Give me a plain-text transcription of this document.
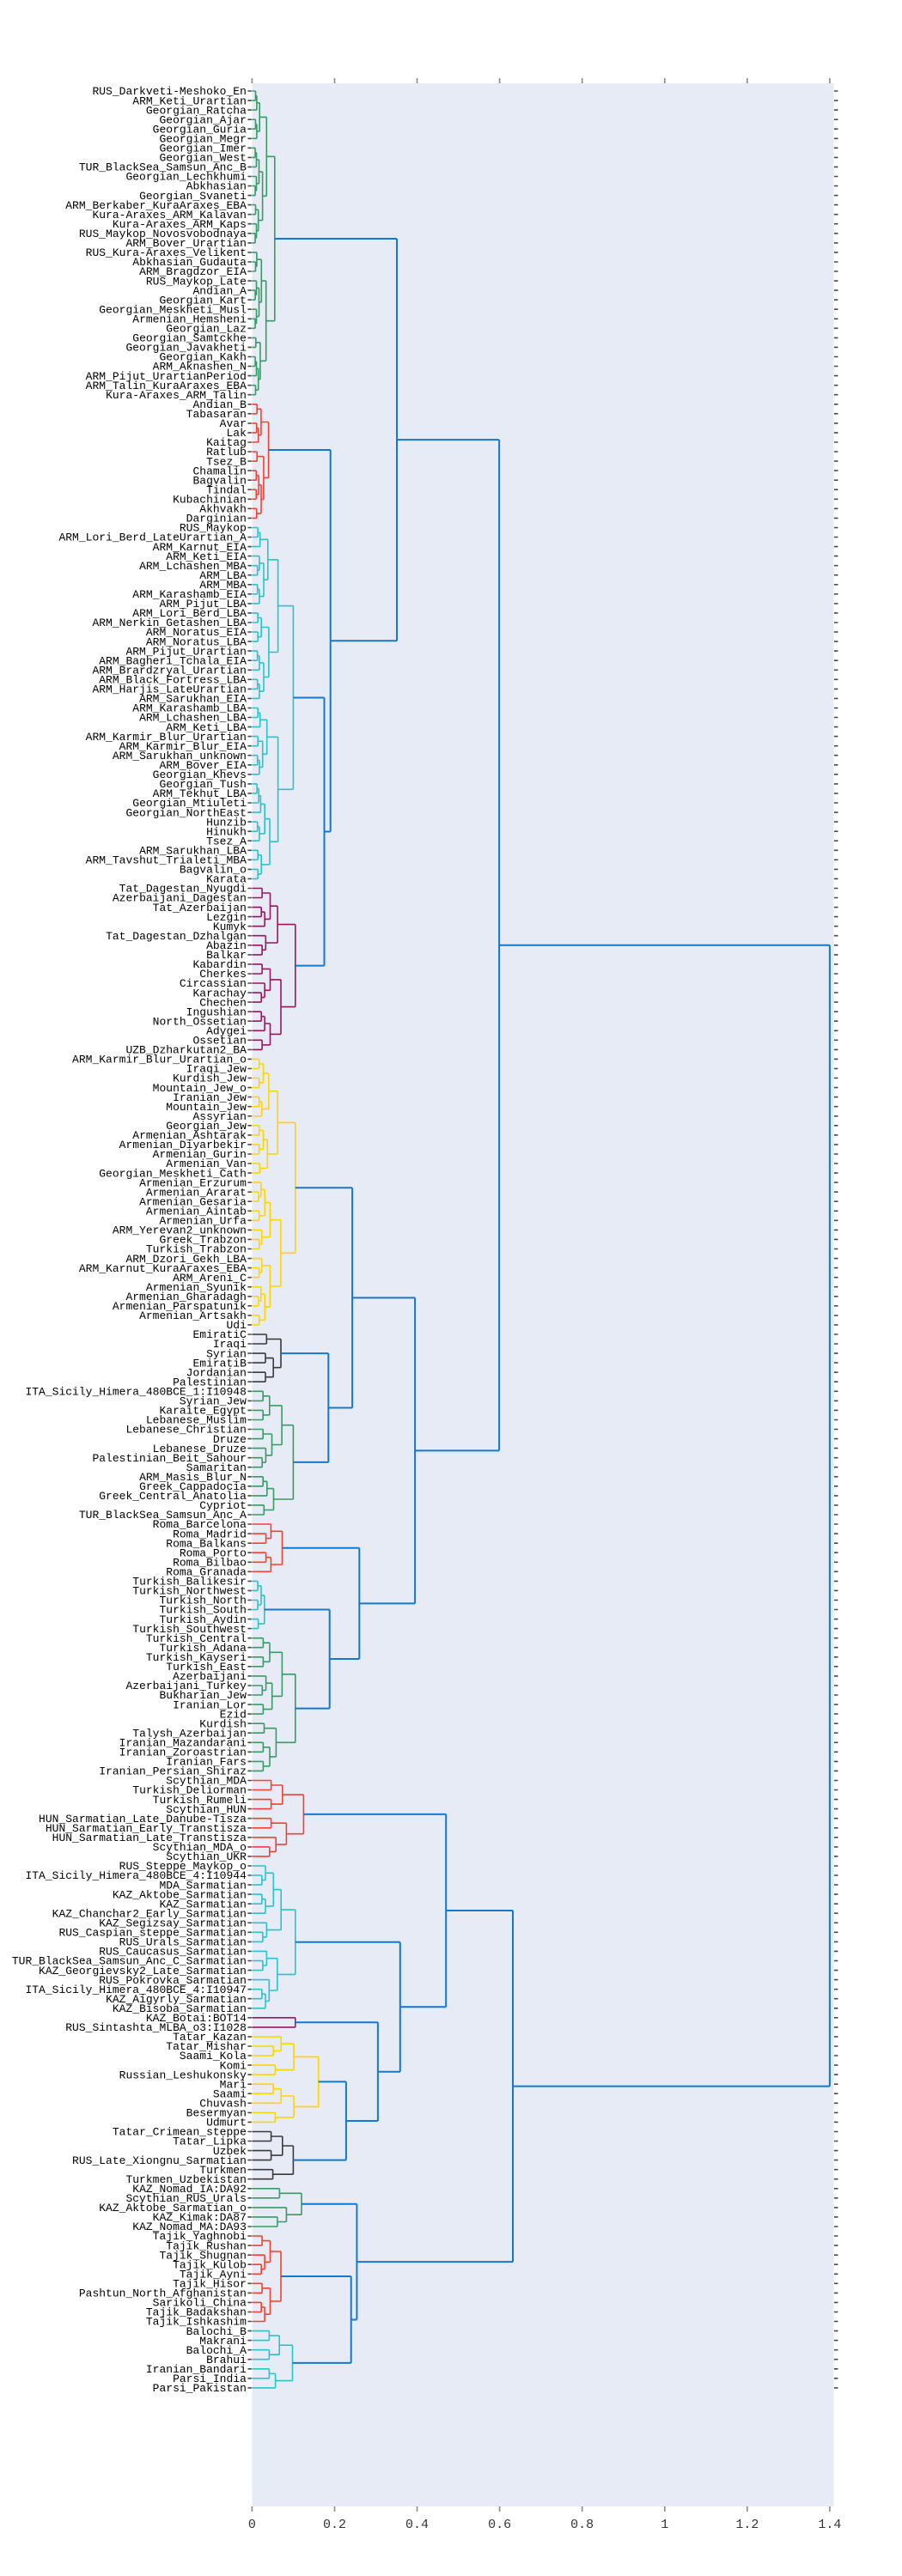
RUS_Darkveti-Meshoko_En
ARM_Keti_Urartian
Georgian_Ratcha
Georgian_Ajar
Georgian_Guria
Georgian_Megr
Georgian_Imer
Georgian_West
TUR_BlackSea_Samsun_Anc_B
Georgian_Lechkhumi
Abkhasian
Georgian_Svaneti
ARM_Berkaber_KuraAraxes_EBA
Kura-Araxes_ARM_Kalavan
Kura-Araxes_ARM_Kaps
RUS_Maykop_Novosvobodnaya
ARM_Bover_Urartian
RUS_Kura-Araxes_Velikent
Abkhasian_Gudauta
ARM_Bragdzor_EIA
RUS_Maykop_Late
Andian_A
Georgian_Kart
Georgian_Meskheti_Musl
Armenian_Hemsheni
Georgian_Laz
Georgian_Samtckhe
Georgian_Javakheti
Georgian_Kakh
ARM_Aknashen_N
ARM_Pijut_UrartianPeriod
ARM_Talin_KuraAraxes_EBA
Kura-Araxes_ARM_Talin
Andian_B
Tabasaran
Avar
Lak
Kaitag
Ratlub
Tsez_B
Chamalin
Bagvalin
Tindal
Kubachinian
Akhvakh
Darginian
RUS_Maykop
ARM_Lori_Berd_LateUrartian_A
ARM_Karnut_EIA
ARM_Keti_EIA
ARM_Lchashen_MBA
ARM_LBA
ARM_MBA
ARM_Karashamb_EIA
ARM_Pijut_LBA
ARM_Lori_Berd_LBA
ARM_Nerkin_Getashen_LBA
ARM_Noratus_EIA
ARM_Noratus_LBA
ARM_Pijut_Urartian
ARM_Bagheri_Tchala_EIA
ARM_Brardzryal_Urartian
ARM_Black_Fortress_LBA
ARM_Harjis_LateUrartian
ARM_Sarukhan_EIA
ARM_Karashamb_LBA
ARM_Lchashen_LBA
ARM_Keti_LBA
ARM_Karmir_Blur_Urartian
ARM_Karmir_Blur_EIA
ARM_Sarukhan_unknown
ARM_Bover_EIA
Georgian_Khevs
Georgian_Tush
ARM_Tekhut_LBA
Georgian_Mtiuleti
Georgian_NorthEast
Hunzib
Hinukh
Tsez_A
ARM_Sarukhan_LBA
ARM_Tavshut_Trialeti_MBA
Bagvalin_o
Karata
Tat_Dagestan_Nyugdi
Azerbaijani_Dagestan
Tat_Azerbaijan
Lezgin
Kumyk
Tat_Dagestan_Dzhalgan
Abazin
Balkar
Kabardin
Cherkes
Circassian
Karachay
Chechen
Ingushian
North_Ossetian
Adygei
Ossetian
UZB_Dzharkutan2_BA
ARM_Karmir_Blur_Urartian_o
Iraqi_Jew
Kurdish_Jew
Mountain_Jew_o
Iranian_Jew
Mountain_Jew
Assyrian
Georgian_Jew
Armenian_Ashtarak
Armenian_Diyarbekir
Armenian_Gurin
Armenian_Van
Georgian_Meskheti_Cath
Armenian_Erzurum
Armenian_Ararat
Armenian_Gesaria
Armenian_Aintab
Armenian_Urfa
ARM_Yerevan2_unknown
Greek_Trabzon
Turkish_Trabzon
ARM_Dzori_Gekh_LBA
ARM_Karnut_KuraAraxes_EBA
ARM_Areni_C
Armenian_Syunik
Armenian_Gharadagh
Armenian_Parspatunik
Armenian_Artsakh
Udi
EmiratiC
Iraqi
Syrian
EmiratiB
Jordanian
Palestinian
ITA_Sicily_Himera_480BCE_1:I10948
Syrian_Jew
Karaite_Egypt
Lebanese_Muslim
Lebanese_Christian
Druze
Lebanese_Druze
Palestinian_Beit_Sahour
Samaritan
ARM_Masis_Blur_N
Greek_Cappadocia
Greek_Central_Anatolia
Cypriot
TUR_BlackSea_Samsun_Anc_A
Roma_Barcelona
Roma_Madrid
Roma_Balkans
Roma_Porto
Roma_Bilbao
Roma_Granada
Turkish_Balikesir
Turkish_Northwest
Turkish_North
Turkish_South
Turkish_Aydin
Turkish_Southwest
Turkish_Central
Turkish_Adana
Turkish_Kayseri
Turkish_East
Azerbaijani
Azerbaijani_Turkey
Bukharian_Jew
Iranian_Lor
Ezid
Kurdish
Talysh_Azerbaijan
Iranian_Mazandarani
Iranian_Zoroastrian
Iranian_Fars
Iranian_Persian_Shiraz
Scythian_MDA
Turkish_Deliorman
Turkish_Rumeli
Scythian_HUN
HUN_Sarmatian_Late_Danube-Tisza
HUN_Sarmatian_Early_Transtisza
HUN_Sarmatian_Late_Transtisza
Scythian_MDA_o
Scythian_UKR
RUS_Steppe_Maykop_o
ITA_Sicily_Himera_480BCE_4:I10944
MDA_Sarmatian
KAZ_Aktobe_Sarmatian
KAZ_Sarmatian
KAZ_Chanchar2_Early_Sarmatian
KAZ_Segizsay_Sarmatian
RUS_Caspian_steppe_Sarmatian
RUS_Urals_Sarmatian
RUS_Caucasus_Sarmatian
TUR_BlackSea_Samsun_Anc_C_Sarmatian
KAZ_Georgievsky2_Late_Sarmatian
RUS_Pokrovka_Sarmatian
ITA_Sicily_Himera_480BCE_4:I10947
KAZ_Aigyrly_Sarmatian
KAZ_Bisoba_Sarmatian
KAZ_Botai:BOT14
RUS_Sintashta_MLBA_o3:I1028
Tatar_Kazan
Tatar_Mishar
Saami_Kola
Komi
Russian_Leshukonsky
Mari
Saami
Chuvash
Besermyan
Udmurt
Tatar_Crimean_steppe
Tatar_Lipka
Uzbek
RUS_Late_Xiongnu_Sarmatian
Turkmen
Turkmen_Uzbekistan
KAZ_Nomad_IA:DA92
Scythian_RUS_Urals
KAZ_Aktobe_Sarmatian_o
KAZ_Kimak:DA87
KAZ_Nomad_MA:DA93
Tajik_Yaghnobi
Tajik_Rushan
Tajik_Shugnan
Tajik_Kulob
Tajik_Ayni
Tajik_Hisor
Pashtun_North_Afghanistan
Sarikoli_China
Tajik_Badakshan
Tajik_Ishkashim
Balochi_B
Makrani
Balochi_A
Brahui
Iranian_Bandari
Parsi_India
Parsi_Pakistan
0	0.2	0.4	0.6	0.8	1	1.2	1.4
